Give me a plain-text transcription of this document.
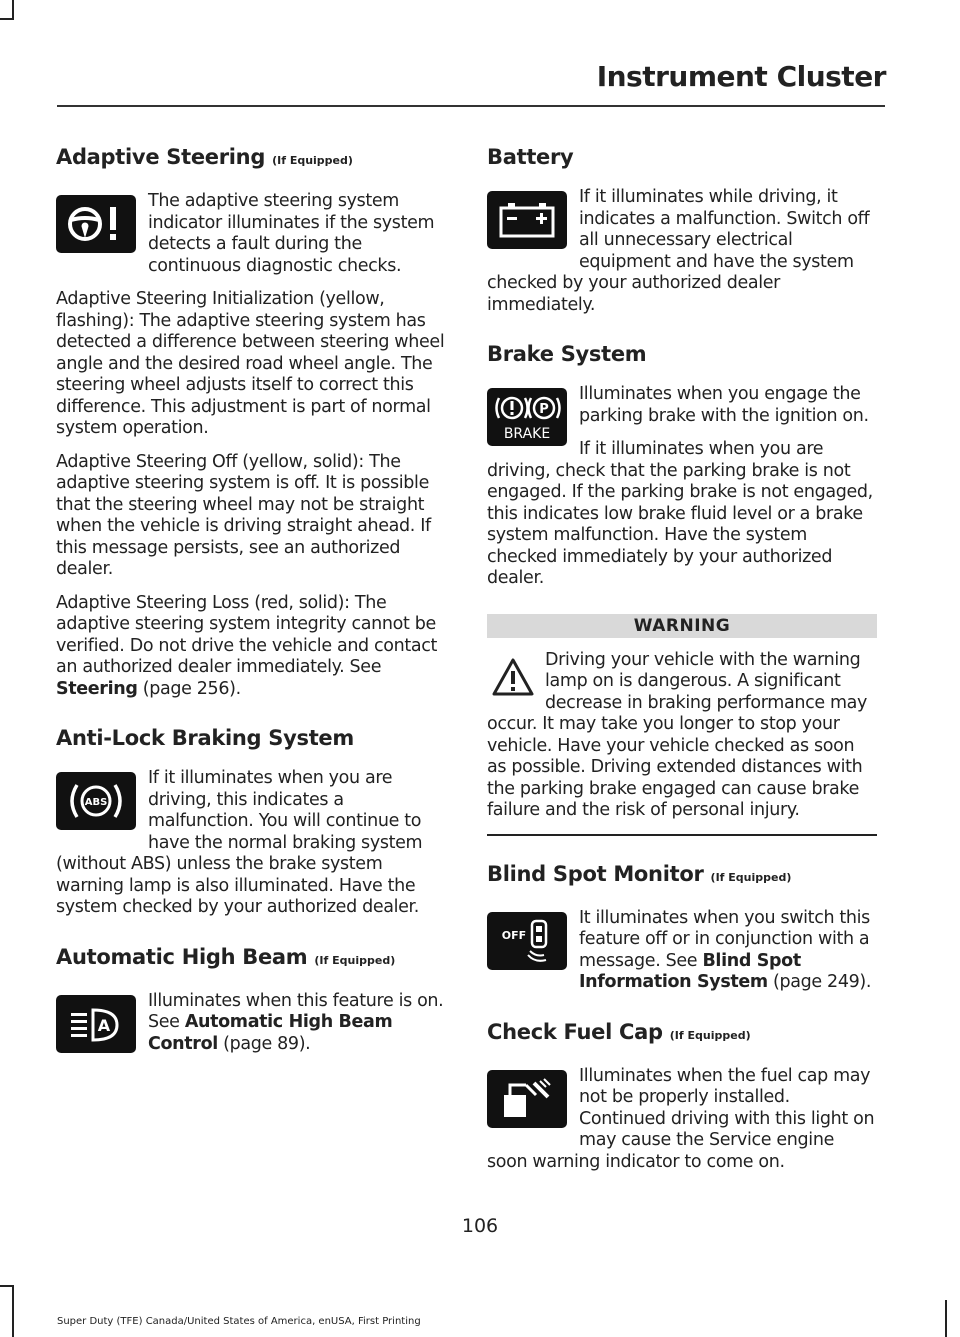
Instrument Cluster
Adaptive Steering (If Equipped)

The adaptive steering system indicator illuminates if the system detects a fault during the continuous diagnostic checks.

Adaptive Steering Initialization (yellow, flashing): The adaptive steering system has detected a difference between steering wheel angle and the desired road wheel angle. The steering wheel adjusts itself to correct this difference. This adjustment is part of normal system operation.

Adaptive Steering Off (yellow, solid): The adaptive steering system is off. It is possible that the steering wheel may not be straight when the vehicle is driving straight ahead. If this message persists, see an authorized dealer.

Adaptive Steering Loss (red, solid): The adaptive steering system integrity cannot be verified. Do not drive the vehicle and contact an authorized dealer immediately. See Steering (page 256).

Anti-Lock Braking System
ABS

If it illuminates when you are driving, this indicates a malfunction. You will continue to have the normal braking system (without ABS) unless the brake system warning lamp is also illuminated. Have the system checked by your authorized dealer.

Automatic High Beam (If Equipped)
A

Illuminates when this feature is on. See Automatic High Beam Control (page 89).

Battery

If it illuminates while driving, it indicates a malfunction. Switch off all unnecessary electrical equipment and have the system checked by your authorized dealer immediately.

Brake System
P
BRAKE

Illuminates when you engage the parking brake with the ignition on.

If it illuminates when you are driving, check that the parking brake is not engaged. If the parking brake is not engaged, this indicates low brake fluid level or a brake system malfunction. Have the system checked immediately by your authorized dealer.

WARNING

Driving your vehicle with the warning lamp on is dangerous. A significant decrease in braking performance may occur. It may take you longer to stop your vehicle. Have your vehicle checked as soon as possible. Driving extended distances with the parking brake engaged can cause brake failure and the risk of personal injury.

Blind Spot Monitor (If Equipped)
OFF

It illuminates when you switch this feature off or in conjunction with a message. See Blind Spot Information System (page 249).

Check Fuel Cap (If Equipped)

Illuminates when the fuel cap may not be properly installed. Continued driving with this light on may cause the Service engine soon warning indicator to come on.

106
Super Duty (TFE) Canada/United States of America, enUSA, First Printing
